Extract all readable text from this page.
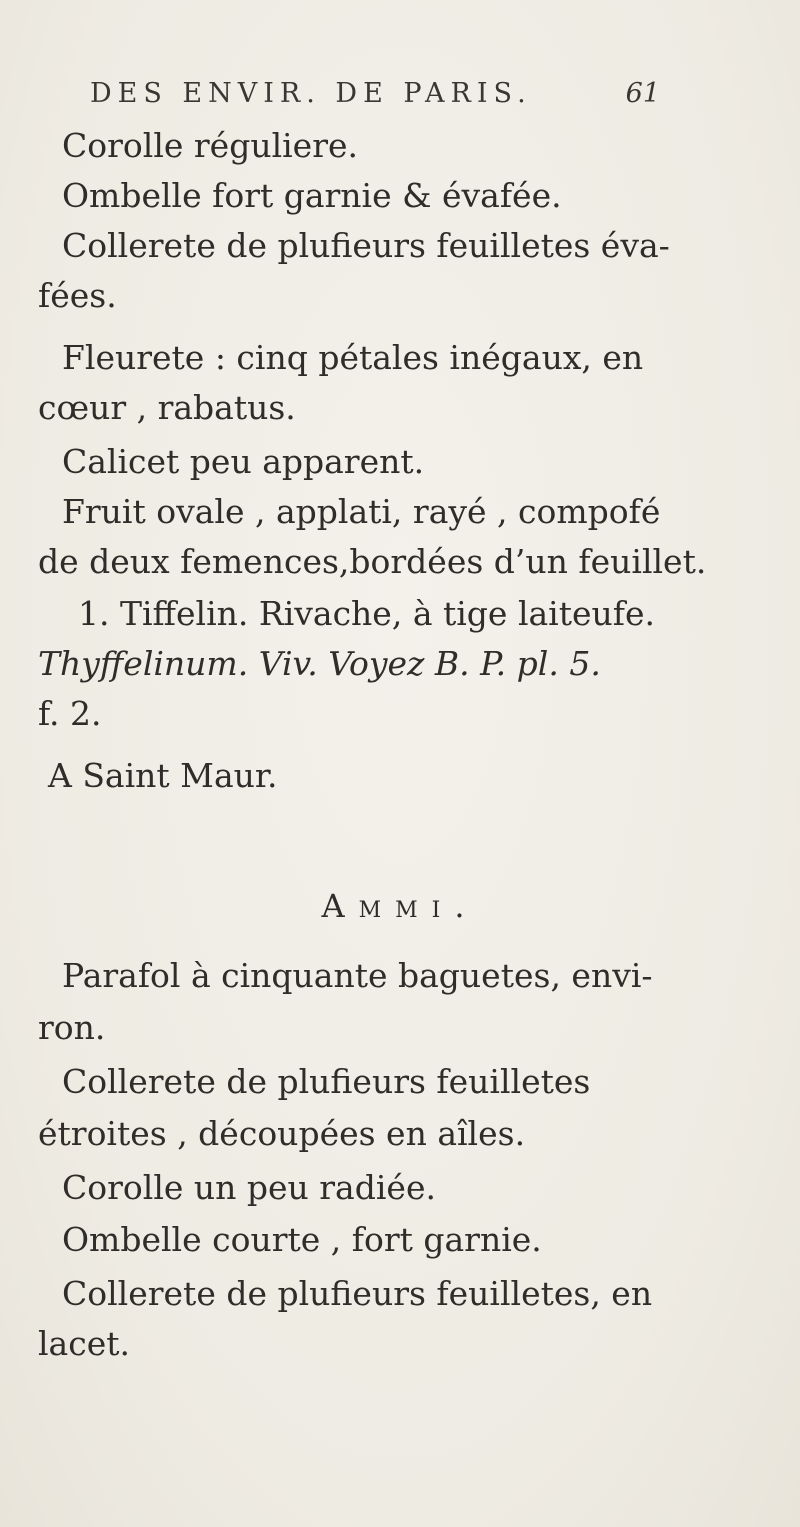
DES ENVIR. DE PARIS.	61
Corolle réguliere.
Ombelle fort garnie & évafée.
Collerete de plufieurs feuilletes éva-
fées.
Fleurete : cinq pétales inégaux, en
cœur , rabatus.
Calicet peu apparent.
Fruit ovale , applati, rayé , compofé
de deux femences,bordées d’un feuillet.
1. Tiffelin. Rivache, à tige laiteufe.
Thyffelinum. Viv. Voyez B. P. pl. 5.
f. 2.
A Saint Maur.
Ammi.
Parafol à cinquante baguetes, envi-
ron.
Collerete de plufieurs feuilletes
étroites , découpées en aîles.
Corolle un peu radiée.
Ombelle courte , fort garnie.
Collerete de plufieurs feuilletes, en
lacet.
